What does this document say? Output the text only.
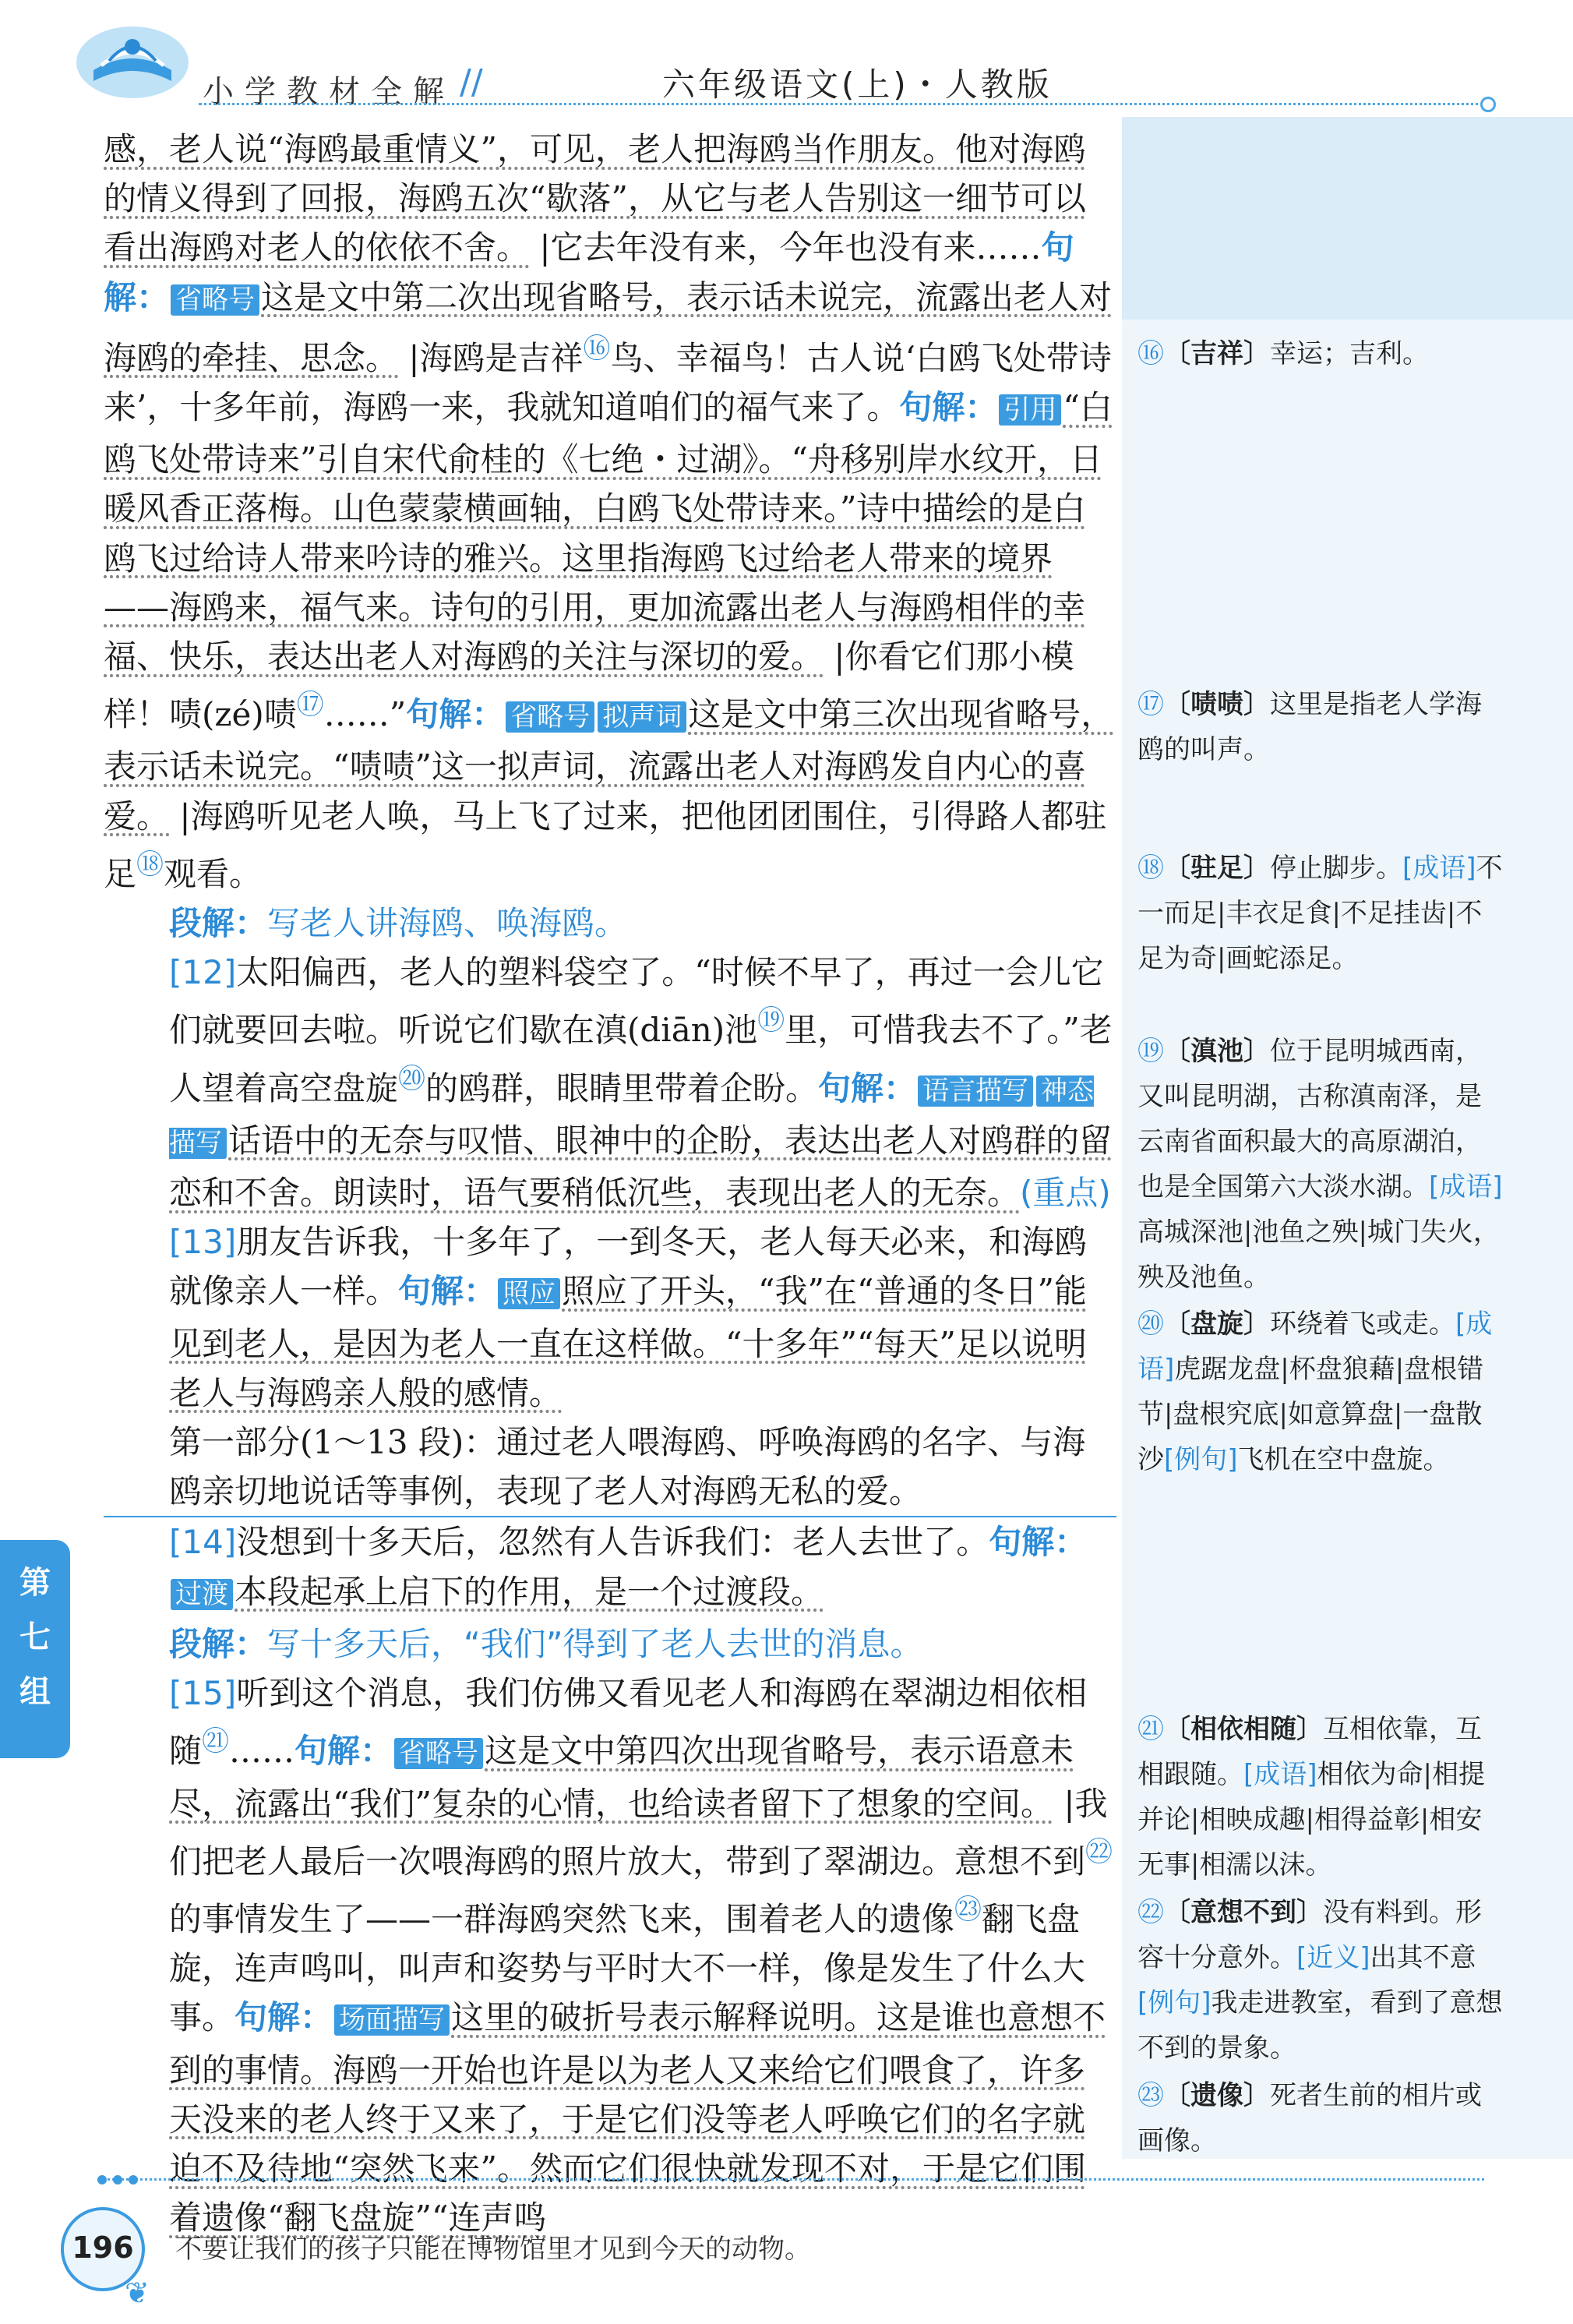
小学教材全解 //	六年级语文(上)・人教版

感，老人说“海鸥最重情义”，可见，老人把海鸥当作朋友。他对海鸥的情义得到了回报，海鸥五次“歇落”，从它与老人告别这一细节可以看出海鸥对老人的依依不舍。 |它去年没有来，今年也没有来……句解： 省略号 这是文中第二次出现省略号，表示话未说完，流露出老人对海鸥的牵挂、思念。 |海鸥是吉祥⑯鸟、幸福鸟！古人说‘白鸥飞处带诗来’，十多年前，海鸥一来，我就知道咱们的福气来了。句解： 引用 “白鸥飞处带诗来”引自宋代俞桂的《七绝・过湖》。“舟移别岸水纹开，日暖风香正落梅。山色蒙蒙横画轴，白鸥飞处带诗来。”诗中描绘的是白鸥飞过给诗人带来吟诗的雅兴。这里指海鸥飞过给老人带来的境界——海鸥来，福气来。诗句的引用，更加流露出老人与海鸥相伴的幸福、快乐，表达出老人对海鸥的关注与深切的爱。 |你看它们那小模样！啧(zé)啧⑰……”句解： 省略号 拟声词 这是文中第三次出现省略号，表示话未说完。“啧啧”这一拟声词，流露出老人对海鸥发自内心的喜爱。 |海鸥听见老人唤，马上飞了过来，把他团团围住，引得路人都驻足⑱观看。

段解：写老人讲海鸥、唤海鸥。

[12]太阳偏西，老人的塑料袋空了。“时候不早了，再过一会儿它们就要回去啦。听说它们歇在滇(diān)池⑲里，可惜我去不了。”老人望着高空盘旋⑳的鸥群，眼睛里带着企盼。句解： 语言描写 神态描写 话语中的无奈与叹惜、眼神中的企盼，表达出老人对鸥群的留恋和不舍。朗读时，语气要稍低沉些，表现出老人的无奈。(重点)

[13]朋友告诉我，十多年了，一到冬天，老人每天必来，和海鸥就像亲人一样。句解： 照应 照应了开头，“我”在“普通的冬日”能见到老人，是因为老人一直在这样做。“十多年”“每天”足以说明老人与海鸥亲人般的感情。

第一部分(1～13 段)：通过老人喂海鸥、呼唤海鸥的名字、与海鸥亲切地说话等事例，表现了老人对海鸥无私的爱。

[14]没想到十多天后，忽然有人告诉我们：老人去世了。句解：过渡 本段起承上启下的作用，是一个过渡段。

段解：写十多天后，“我们”得到了老人去世的消息。

[15]听到这个消息，我们仿佛又看见老人和海鸥在翠湖边相依相随$^㉑$……句解： 省略号 这是文中第四次出现省略号，表示语意未尽，流露出“我们”复杂的心情，也给读者留下了想象的空间。 |我们把老人最后一次喂海鸥的照片放大，带到了翠湖边。意想不到$^㉒$的事情发生了——一群海鸥突然飞来，围着老人的遗像$^㉓$翻飞盘旋，连声鸣叫，叫声和姿势与平时大不一样，像是发生了什么大事。句解： 场面描写 这里的破折号表示解释说明。这是谁也意想不到的事情。海鸥一开始也许是以为老人又来给它们喂食了，许多天没来的老人终于又来了，于是它们没等老人呼唤它们的名字就迫不及待地“突然飞来”。然而它们很快就发现不对，于是它们围着遗像“翻飞盘旋”“连声鸣

⑯〔吉祥〕幸运；吉利。
⑰〔啧啧〕这里是指老人学海鸥的叫声。
⑱〔驻足〕停止脚步。[成语]不一而足|丰衣足食|不足挂齿|不足为奇|画蛇添足。
⑲〔滇池〕位于昆明城西南，又叫昆明湖，古称滇南泽，是云南省面积最大的高原湖泊，也是全国第六大淡水湖。[成语]高城深池|池鱼之殃|城门失火，殃及池鱼。
⑳〔盘旋〕环绕着飞或走。[成语]虎踞龙盘|杯盘狼藉|盘根错节|盘根究底|如意算盘|一盘散沙[例句]飞机在空中盘旋。
㉑〔相依相随〕互相依靠，互相跟随。[成语]相依为命|相提并论|相映成趣|相得益彰|相安无事|相濡以沫。
㉒〔意想不到〕没有料到。形容十分意外。[近义]出其不意[例句]我走进教室，看到了意想不到的景象。
㉓〔遗像〕死者生前的相片或画像。
第
七
组
196
❦
不要让我们的孩子只能在博物馆里才见到今天的动物。
